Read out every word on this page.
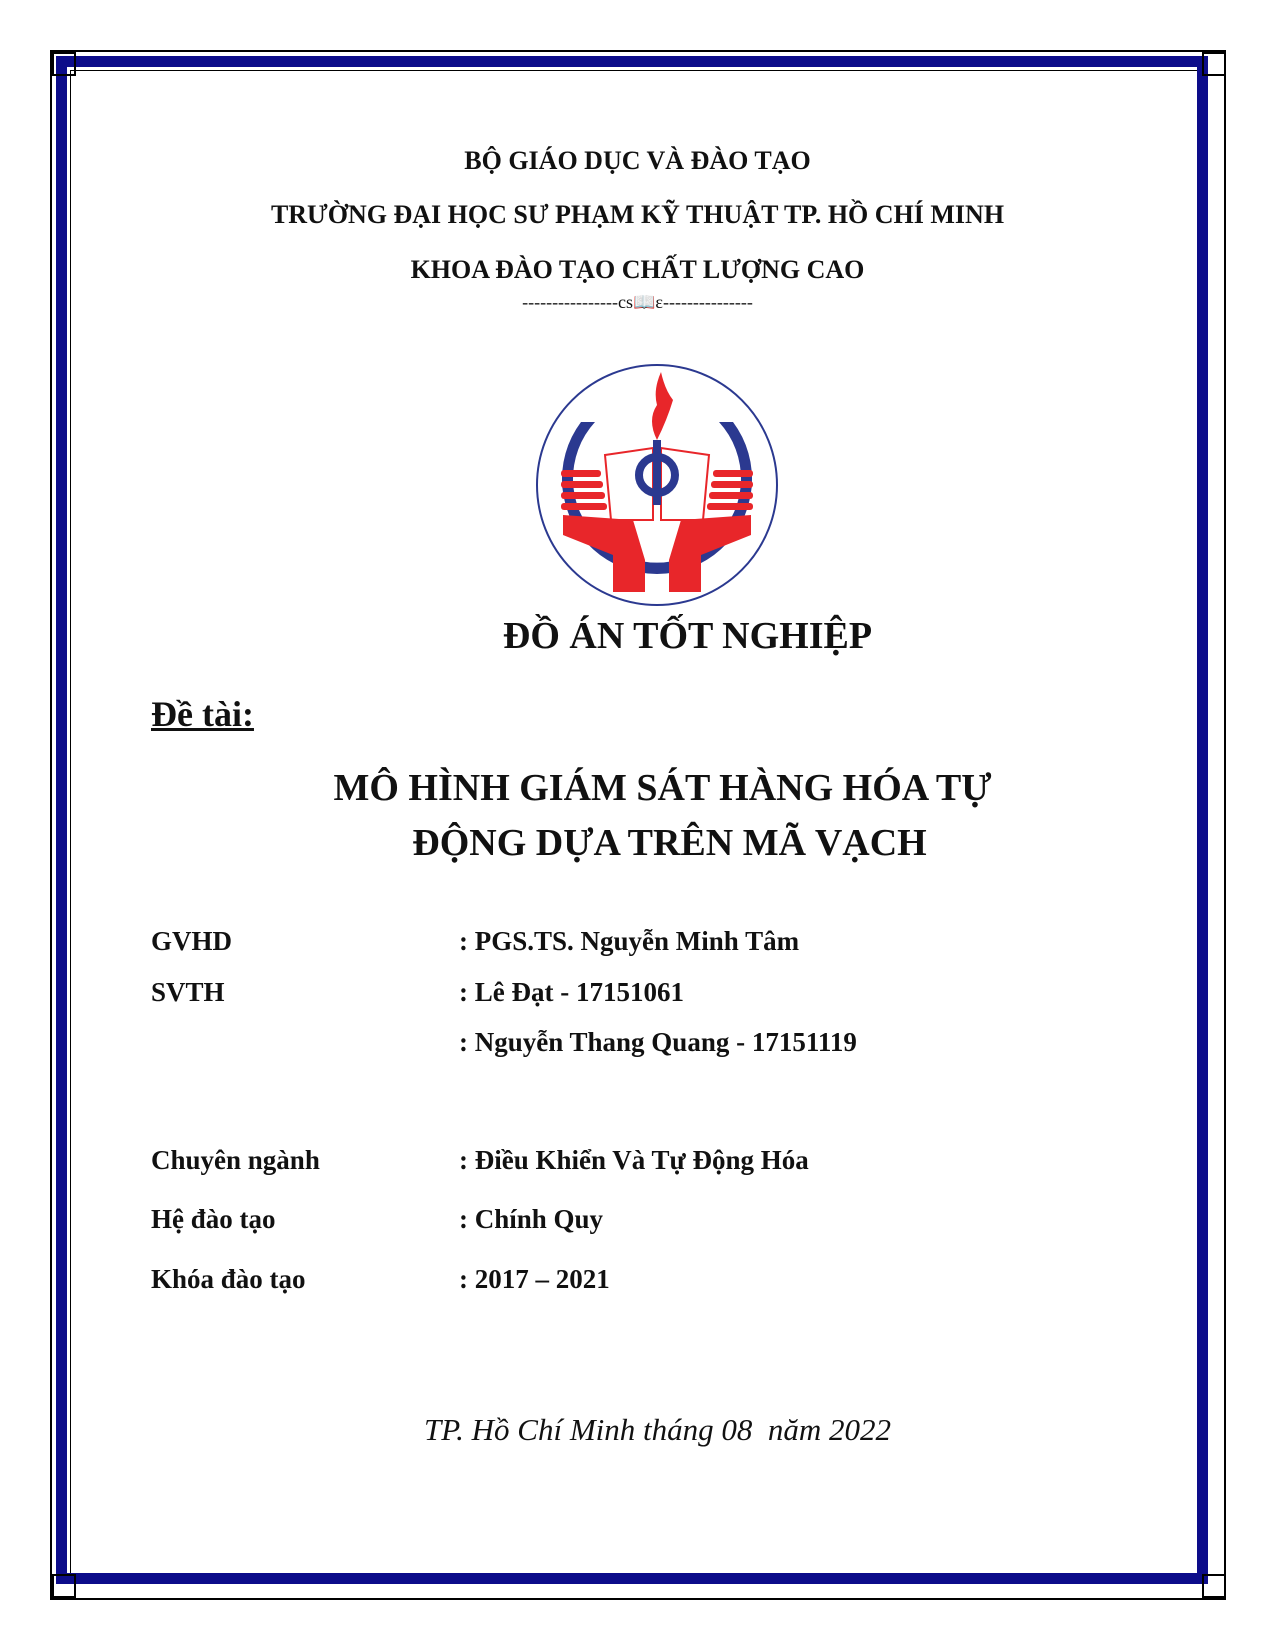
BỘ GIÁO DỤC VÀ ĐÀO TẠO
TRƯỜNG ĐẠI HỌC SƯ PHẠM KỸ THUẬT TP. HỒ CHÍ MINH
KHOA ĐÀO TẠO CHẤT LƯỢNG CAO
----------------cs📖ɛ---------------
ĐỒ ÁN TỐT NGHIỆP
Đề tài:
MÔ HÌNH GIÁM SÁT HÀNG HÓA TỰ
ĐỘNG DỰA TRÊN MÃ VẠCH
GVHD	: PGS.TS. Nguyễn Minh Tâm
SVTH	: Lê Đạt - 17151061
: Nguyễn Thang Quang - 17151119
Chuyên ngành	: Điều Khiển Và Tự Động Hóa
Hệ đào tạo	: Chính Quy
Khóa đào tạo	: 2017 – 2021
TP. Hồ Chí Minh tháng 08  năm 2022
